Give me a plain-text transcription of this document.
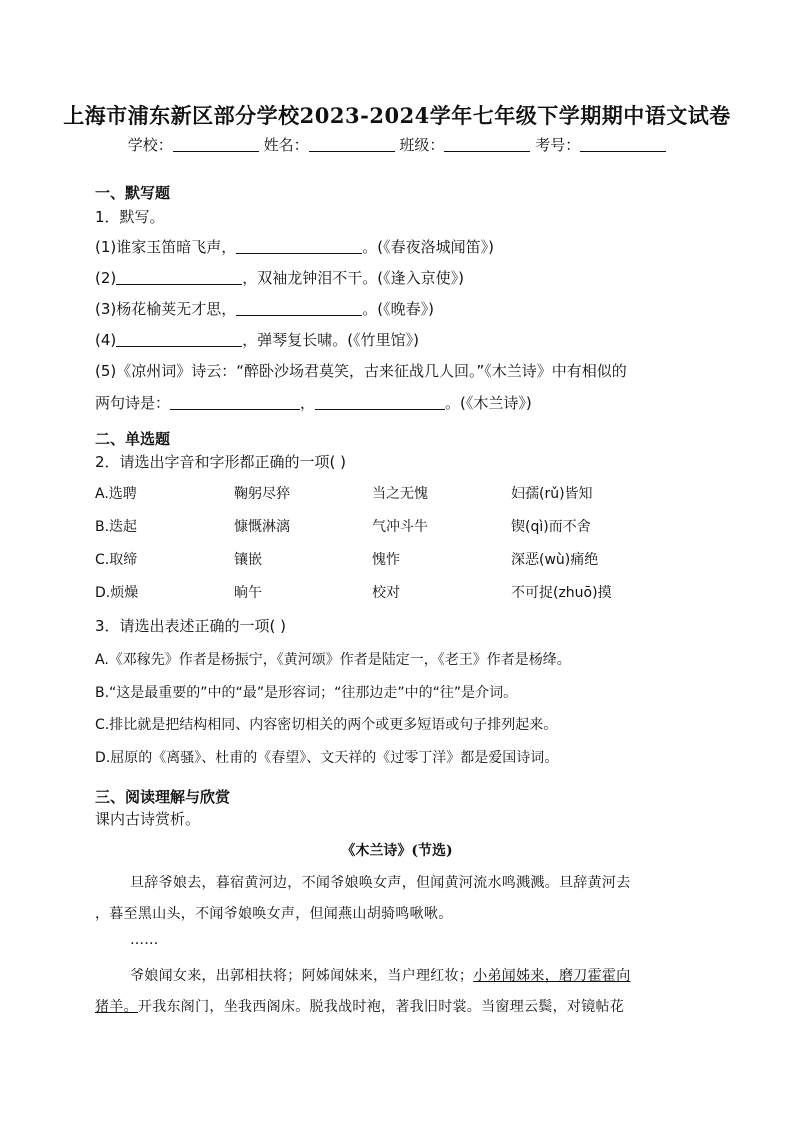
上海市浦东新区部分学校2023-2024学年七年级下学期期中语文试卷
学校：	姓名：	班级：	考号：
一、默写题
1．默写。
(1)谁家玉笛暗飞声，	。(《春夜洛城闻笛》)
(2)	，双袖龙钟泪不干。(《逢入京使》)
(3)杨花榆荚无才思，	。(《晚春》)
(4)	，弹琴复长啸。(《竹里馆》)
(5)《凉州词》诗云：“醉卧沙场君莫笑，古来征战几人回。”《木兰诗》中有相似的
两句诗是：	，	。(《木兰诗》)
二、单选题
2．请选出字音和字形都正确的一项( )
A.选聘	鞠躬尽猝	当之无愧	妇孺(rǔ)皆知
B.迭起	慷慨淋漓	气冲斗牛	锲(qì)而不舍
C.取缔	镶嵌	愧怍	深恶(wù)痛绝
D.烦燥	晌午	校对	不可捉(zhuō)摸
3．请选出表述正确的一项( )
A.《邓稼先》作者是杨振宁，《黄河颂》作者是陆定一，《老王》作者是杨绛。
B.“这是最重要的”中的“最”是形容词；“往那边走”中的“往”是介词。
C.排比就是把结构相同、内容密切相关的两个或更多短语或句子排列起来。
D.屈原的《离骚》、杜甫的《春望》、文天祥的《过零丁洋》都是爱国诗词。
三、阅读理解与欣赏
课内古诗赏析。
《木兰诗》(节选)
旦辞爷娘去，暮宿黄河边，不闻爷娘唤女声，但闻黄河流水鸣溅溅。旦辞黄河去
，暮至黑山头，不闻爷娘唤女声，但闻燕山胡骑鸣啾啾。
……
爷娘闻女来，出郭相扶将；阿姊闻妹来，当户理红妆；小弟闻姊来，磨刀霍霍向
猪羊。开我东阁门，坐我西阁床。脱我战时袍，著我旧时裳。当窗理云鬓，对镜帖花
